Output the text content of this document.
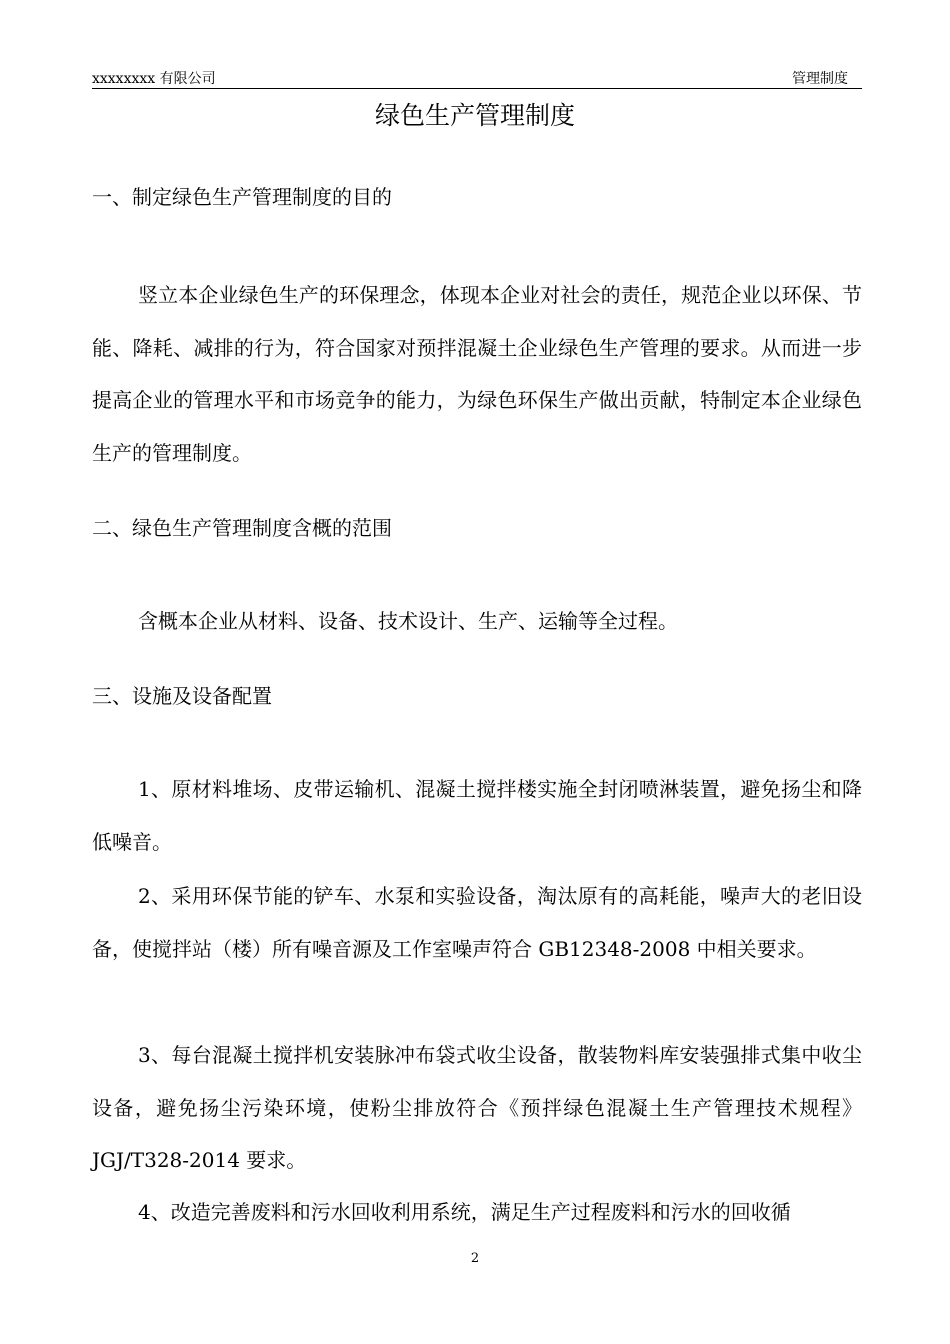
xxxxxxxx 有限公司	管理制度
绿色生产管理制度
一、制定绿色生产管理制度的目的

竖立本企业绿色生产的环保理念，体现本企业对社会的责任，规范企业以环保、节能、降耗、减排的行为，符合国家对预拌混凝土企业绿色生产管理的要求。从而进一步提高企业的管理水平和市场竞争的能力，为绿色环保生产做出贡献，特制定本企业绿色生产的管理制度。

二、绿色生产管理制度含概的范围

含概本企业从材料、设备、技术设计、生产、运输等全过程。

三、设施及设备配置

1、原材料堆场、皮带运输机、混凝土搅拌楼实施全封闭喷淋装置，避免扬尘和降低噪音。

2、采用环保节能的铲车、水泵和实验设备，淘汰原有的高耗能，噪声大的老旧设备，使搅拌站（楼）所有噪音源及工作室噪声符合 GB12348-2008 中相关要求。

3、每台混凝土搅拌机安装脉冲布袋式收尘设备，散装物料库安装强排式集中收尘设备，避免扬尘污染环境，使粉尘排放符合《预拌绿色混凝土生产管理技术规程》JGJ/T328-2014 要求。

4、改造完善废料和污水回收利用系统，满足生产过程废料和污水的回收循

2
